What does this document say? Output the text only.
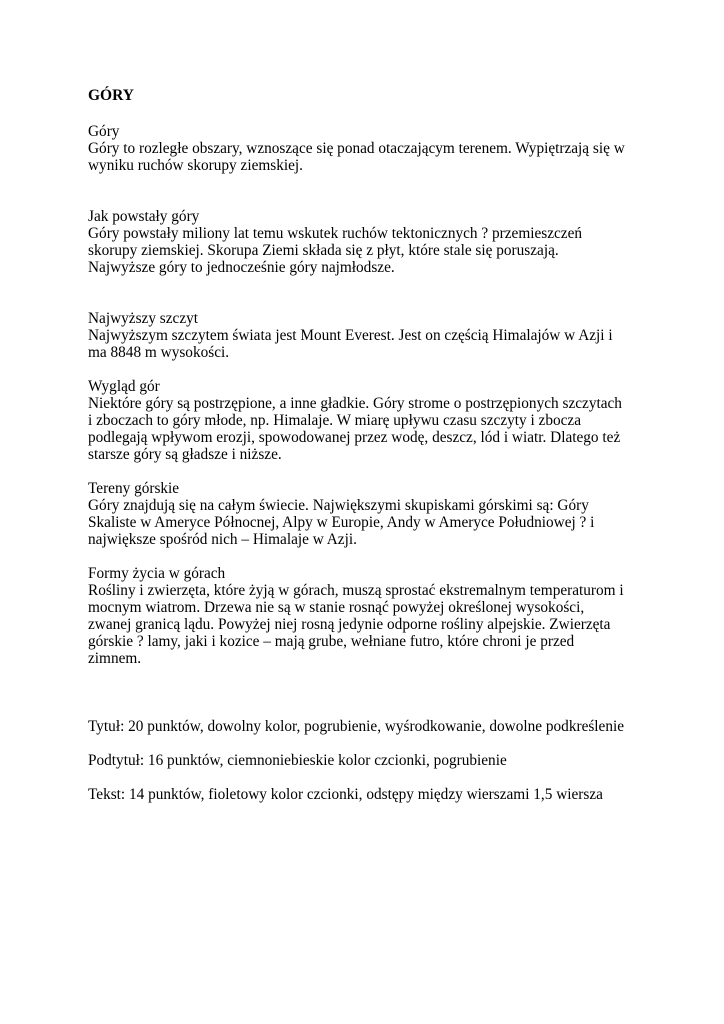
GÓRY
Góry
Góry to rozległe obszary, wznoszące się ponad otaczającym terenem. Wypiętrzają się w wyniku ruchów skorupy ziemskiej.
Jak powstały góry
Góry powstały miliony lat temu wskutek ruchów tektonicznych ? przemieszczeń skorupy ziemskiej. Skorupa Ziemi składa się z płyt, które stale się poruszają. Najwyższe góry to jednocześnie góry najmłodsze.
Najwyższy szczyt
Najwyższym szczytem świata jest Mount Everest. Jest on częścią Himalajów w Azji i ma 8848 m wysokości.
Wygląd gór
Niektóre góry są postrzępione, a inne gładkie. Góry strome o postrzępionych szczytach i zboczach to góry młode, np. Himalaje. W miarę upływu czasu szczyty i zbocza podlegają wpływom erozji, spowodowanej przez wodę, deszcz, lód i wiatr. Dlatego też starsze góry są gładsze i niższe.
Tereny górskie
Góry znajdują się na całym świecie. Największymi skupiskami górskimi są: Góry Skaliste w Ameryce Północnej, Alpy w Europie, Andy w Ameryce Południowej ? i największe spośród nich – Himalaje w Azji.
Formy życia w górach
Rośliny i zwierzęta, które żyją w górach, muszą sprostać ekstremalnym temperaturom i mocnym wiatrom. Drzewa nie są w stanie rosnąć powyżej określonej wysokości, zwanej granicą lądu. Powyżej niej rosną jedynie odporne rośliny alpejskie. Zwierzęta górskie ? lamy, jaki i kozice – mają grube, wełniane futro, które chroni je przed zimnem.
Tytuł: 20 punktów, dowolny kolor, pogrubienie, wyśrodkowanie, dowolne podkreślenie
Podtytuł: 16 punktów, ciemnoniebieskie kolor czcionki, pogrubienie
Tekst: 14 punktów, fioletowy kolor czcionki, odstępy między wierszami 1,5 wiersza
